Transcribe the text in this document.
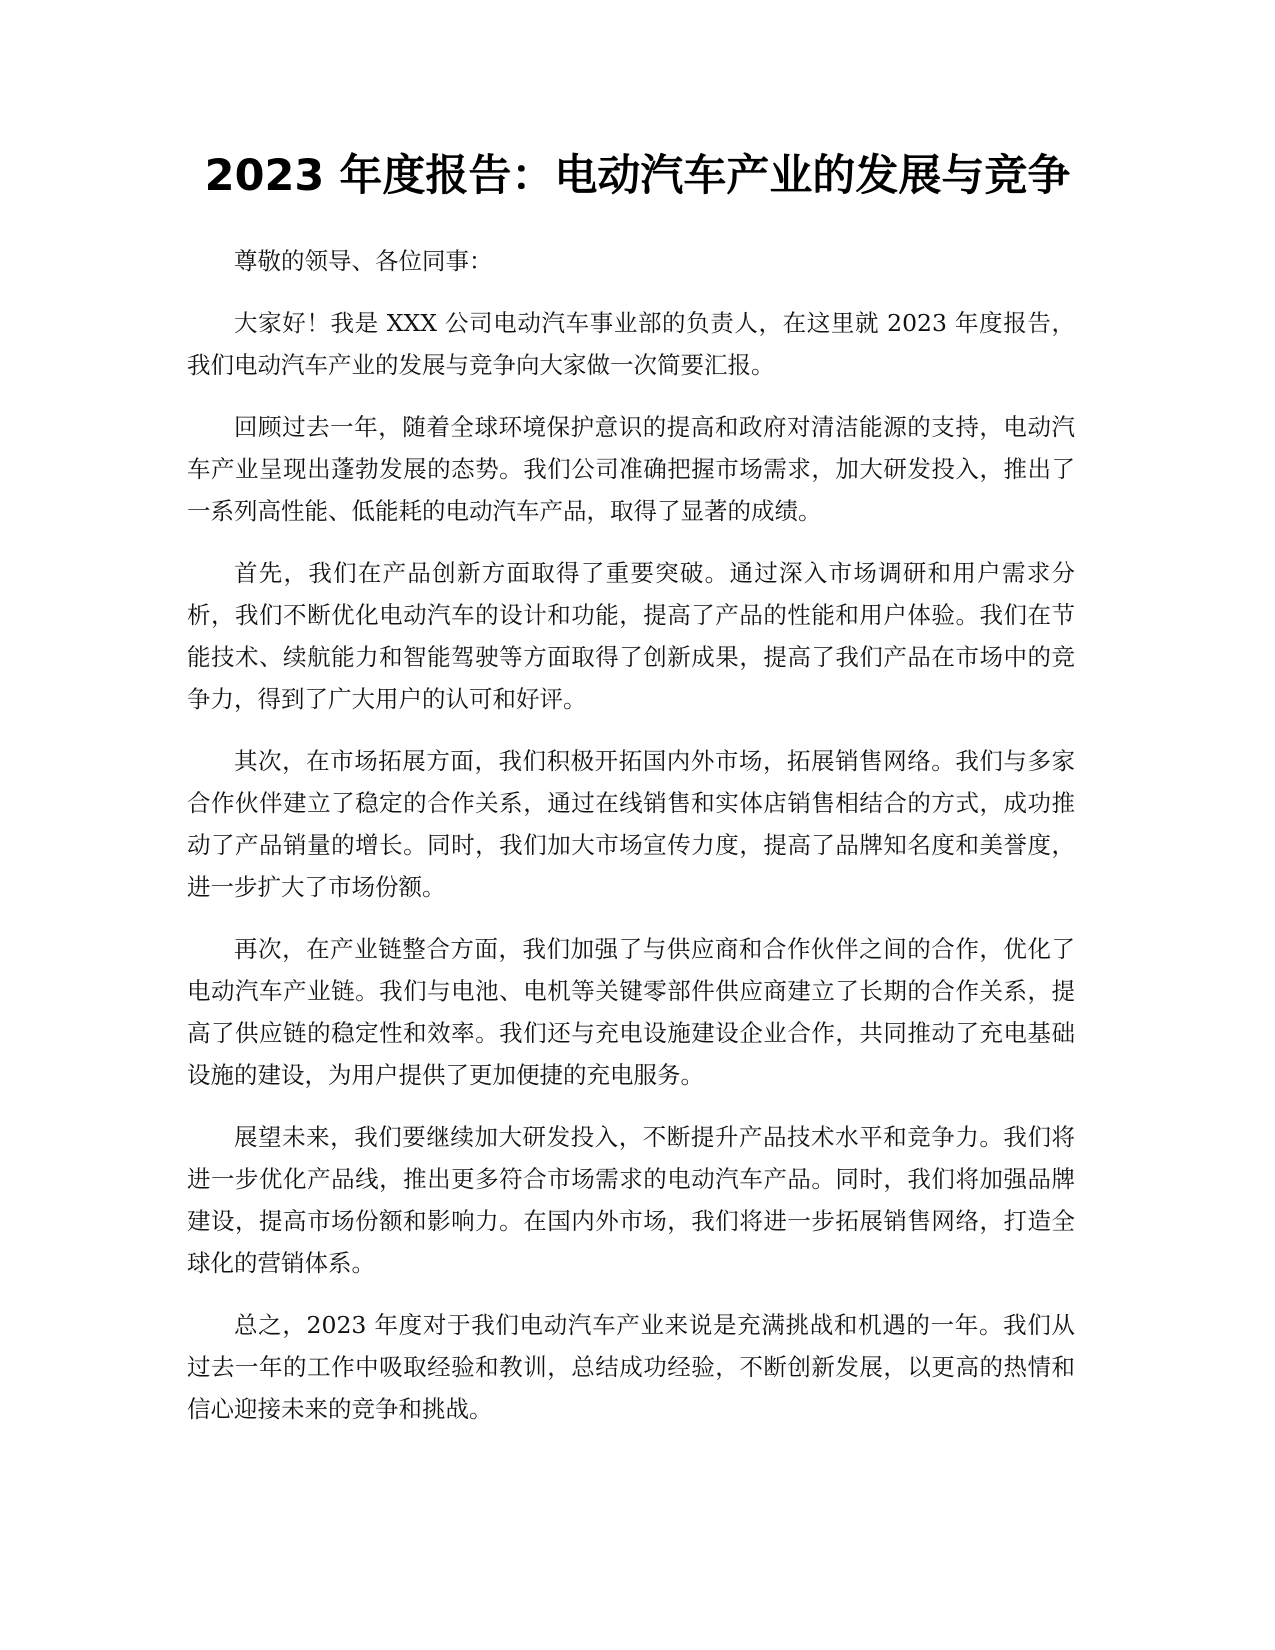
2023 年度报告：电动汽车产业的发展与竞争

尊敬的领导、各位同事：

大家好！我是 XXX 公司电动汽车事业部的负责人，在这里就 2023 年度报告，我们电动汽车产业的发展与竞争向大家做一次简要汇报。

回顾过去一年，随着全球环境保护意识的提高和政府对清洁能源的支持，电动汽车产业呈现出蓬勃发展的态势。我们公司准确把握市场需求，加大研发投入，推出了一系列高性能、低能耗的电动汽车产品，取得了显著的成绩。

首先，我们在产品创新方面取得了重要突破。通过深入市场调研和用户需求分析，我们不断优化电动汽车的设计和功能，提高了产品的性能和用户体验。我们在节能技术、续航能力和智能驾驶等方面取得了创新成果，提高了我们产品在市场中的竞争力，得到了广大用户的认可和好评。

其次，在市场拓展方面，我们积极开拓国内外市场，拓展销售网络。我们与多家合作伙伴建立了稳定的合作关系，通过在线销售和实体店销售相结合的方式，成功推动了产品销量的增长。同时，我们加大市场宣传力度，提高了品牌知名度和美誉度，进一步扩大了市场份额。

再次，在产业链整合方面，我们加强了与供应商和合作伙伴之间的合作，优化了电动汽车产业链。我们与电池、电机等关键零部件供应商建立了长期的合作关系，提高了供应链的稳定性和效率。我们还与充电设施建设企业合作，共同推动了充电基础设施的建设，为用户提供了更加便捷的充电服务。

展望未来，我们要继续加大研发投入，不断提升产品技术水平和竞争力。我们将进一步优化产品线，推出更多符合市场需求的电动汽车产品。同时，我们将加强品牌建设，提高市场份额和影响力。在国内外市场，我们将进一步拓展销售网络，打造全球化的营销体系。

总之，2023 年度对于我们电动汽车产业来说是充满挑战和机遇的一年。我们从过去一年的工作中吸取经验和教训，总结成功经验，不断创新发展，以更高的热情和信心迎接未来的竞争和挑战。
